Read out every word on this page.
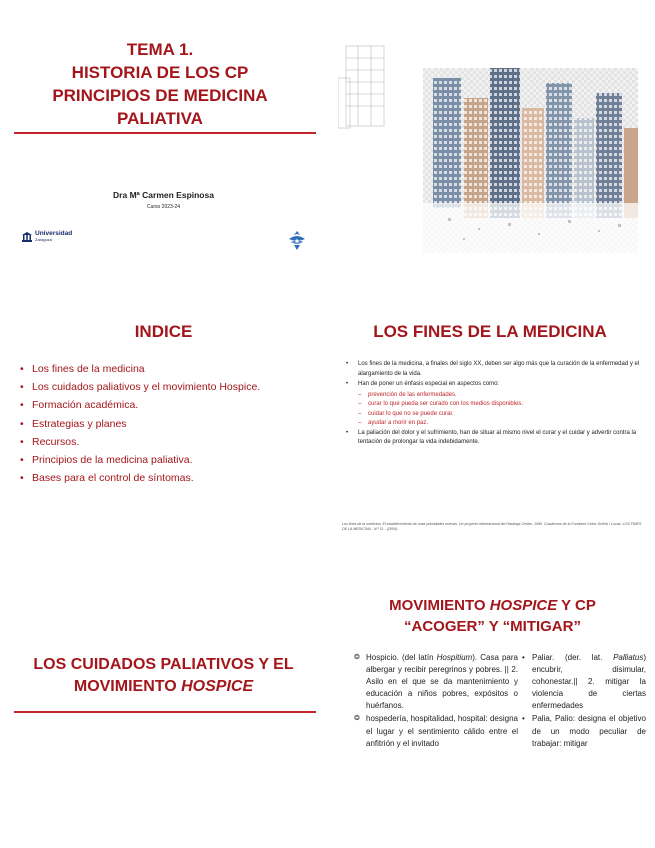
TEMA 1.
HISTORIA DE LOS CP
PRINCIPIOS DE MEDICINA
PALIATIVA
Dra Mª Carmen Espinosa
Curso 2023-24
Universidad
Zaragoza
INDICE
• Los fines de la medicina
• Los cuidados paliativos y el movimiento Hospice.
• Formación académica.
• Estrategias y planes
• Recursos.
• Principios de la medicina paliativa.
• Bases para el control de síntomas.
LOS FINES DE LA MEDICINA
• Los fines de la medicina, a finales del siglo XX, deben ser algo más que la curación de la enfermedad y el alargamiento de la vida.
• Han de poner un énfasis especial en aspectos como:
– prevención de las enfermedades.
– curar lo que pueda ser curado con los medios disponibles.
– cuidar lo que no se puede curar.
– ayudar a morir en paz.
• La paliación del dolor y el sufrimiento, han de situar al mismo nivel el curar y el cuidar y advertir contra la tentación de prolongar la vida indebidamente.
Los fines de la medicina. El establecimiento de unas prioridades nuevas. Un proyecto internacional del Hastings Center. 1996. Cuadernos de la Fundació Víctor Grífols i Lucas. LOS FINES DE LA MEDICINA - N.º 11 - (2004).
LOS CUIDADOS PALIATIVOS Y EL
MOVIMIENTO HOSPICE
MOVIMIENTO HOSPICE Y CP
“ACOGER” Y “MITIGAR”
❂ Hospicio. (del latín Hospitium). Casa para albergar y recibir peregrinos y pobres. || 2. Asilo en el que se da mantenimiento y educación a niños pobres, expósitos o huérfanos.
❂ hospedería, hospitalidad, hospital: designa el lugar y el sentimiento cálido entre el anfitrión y el invitado
• Paliar. (der. lat. Palliatus) encubrir, disimular, cohonestar.|| 2. mitigar la violencia de ciertas enfermedades
• Palia, Palio: designa el objetivo de un modo peculiar de trabajar: mitigar
